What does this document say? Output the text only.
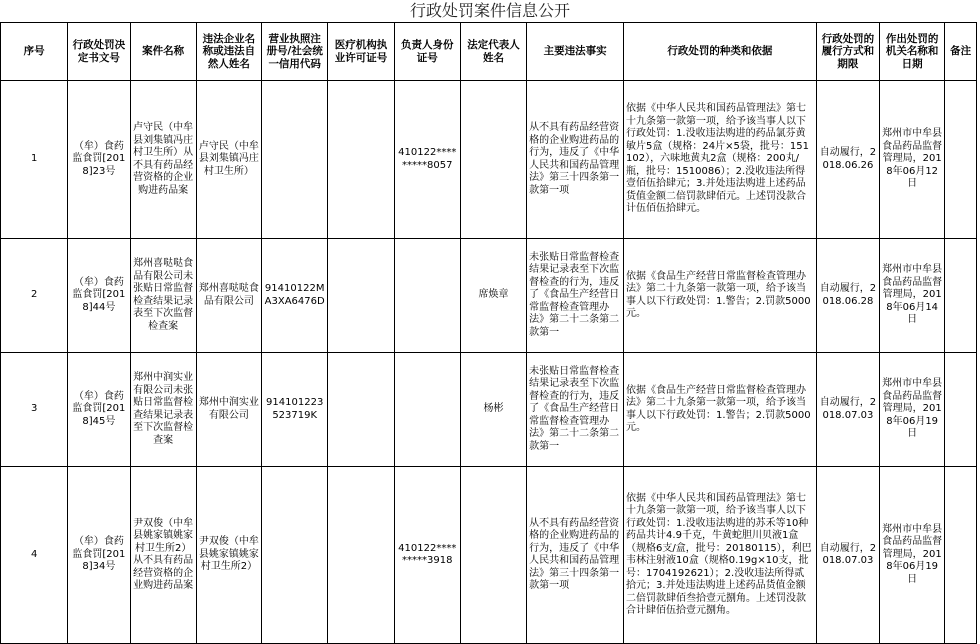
行政处罚案件信息公开
序号	行政处罚决定书文号	案件名称	违法企业名称或违法自然人姓名	营业执照注册号/社会统一信用代码	医疗机构执业许可证号	负责人身份证号	法定代表人姓名	主要违法事实	行政处罚的种类和依据	行政处罚的履行方式和期限	作出处罚的机关名称和日期	备注
1	（牟）食药监食罚[2018]23号	卢守民（中牟县刘集镇冯庄村卫生所）从不具有药品经营资格的企业购进药品案	卢守民（中牟县刘集镇冯庄村卫生所）			410122*********8057		从不具有药品经营资格的企业购进药品的行为，违反了《中华人民共和国药品管理法》第三十四条第一款第一项	依据《中华人民共和国药品管理法》第七十九条第一款第一项，给予该当事人以下行政处罚：1.没收违法购进的药品氯芬黄敏片5盒（规格：24片×5袋，批号：151102），六味地黄丸2盒（规格：200丸/瓶，批号：1510086）；2.没收违法所得壹佰伍拾肆元；3.并处违法购进上述药品货值金额二倍罚款肆佰元。上述罚没款合计伍佰伍拾肆元。	自动履行，2018.06.26	郑州市中牟县食品药品监督管理局，2018年06月12日	
2	（牟）食药监食罚[2018]44号	郑州喜哒哒食品有限公司未张贴日常监督检查结果记录表至下次监督检查案	郑州喜哒哒食品有限公司	91410122MA3XA6476D			席焕章	未张贴日常监督检查结果记录表至下次监督检查的行为，违反了《食品生产经营日常监督检查管理办法》第二十二条第二款第一	依据《食品生产经营日常监督检查管理办法》第二十九条第一款第一项，给予该当事人以下行政处罚：1.警告；2.罚款5000元。	自动履行，2018.06.28	郑州市中牟县食品药品监督管理局，2018年06月14日	
3	（牟）食药监食罚[2018]45号	郑州中润实业有限公司未张贴日常监督检查结果记录表至下次监督检查案	郑州中润实业有限公司	914101223523719K			杨彬	未张贴日常监督检查结果记录表至下次监督检查的行为，违反了《食品生产经营日常监督检查管理办法》第二十二条第二款第一	依据《食品生产经营日常监督检查管理办法》第二十九条第一款第一项，给予该当事人以下行政处罚：1.警告；2.罚款5000元。	自动履行，2018.07.03	郑州市中牟县食品药品监督管理局，2018年06月19日	
4	（牟）食药监食罚[2018]34号	尹双俊（中牟县姚家镇姚家村卫生所2）从不具有药品经营资格的企业购进药品案	尹双俊（中牟县姚家镇姚家村卫生所2）			410122*********3918		从不具有药品经营资格的企业购进药品的行为，违反了《中华人民共和国药品管理法》第三十四条第一款第一项	依据《中华人民共和国药品管理法》第七十九条第一款第一项，给予该当事人以下行政处罚：1.没收违法购进的苏禾等10种药品共计4.9千克，牛黄蛇胆川贝液1盒（规格6支/盒，批号：20180115），利巴韦林注射液10盒（规格0.19g×10支，批号：1704192621）；2.没收违法所得贰拾元；3.并处违法购进上述药品货值金额二倍罚款肆佰叁拾壹元捌角。上述罚没款合计肆佰伍拾壹元捌角。	自动履行，2018.07.03	郑州市中牟县食品药品监督管理局，2018年06月19日	
